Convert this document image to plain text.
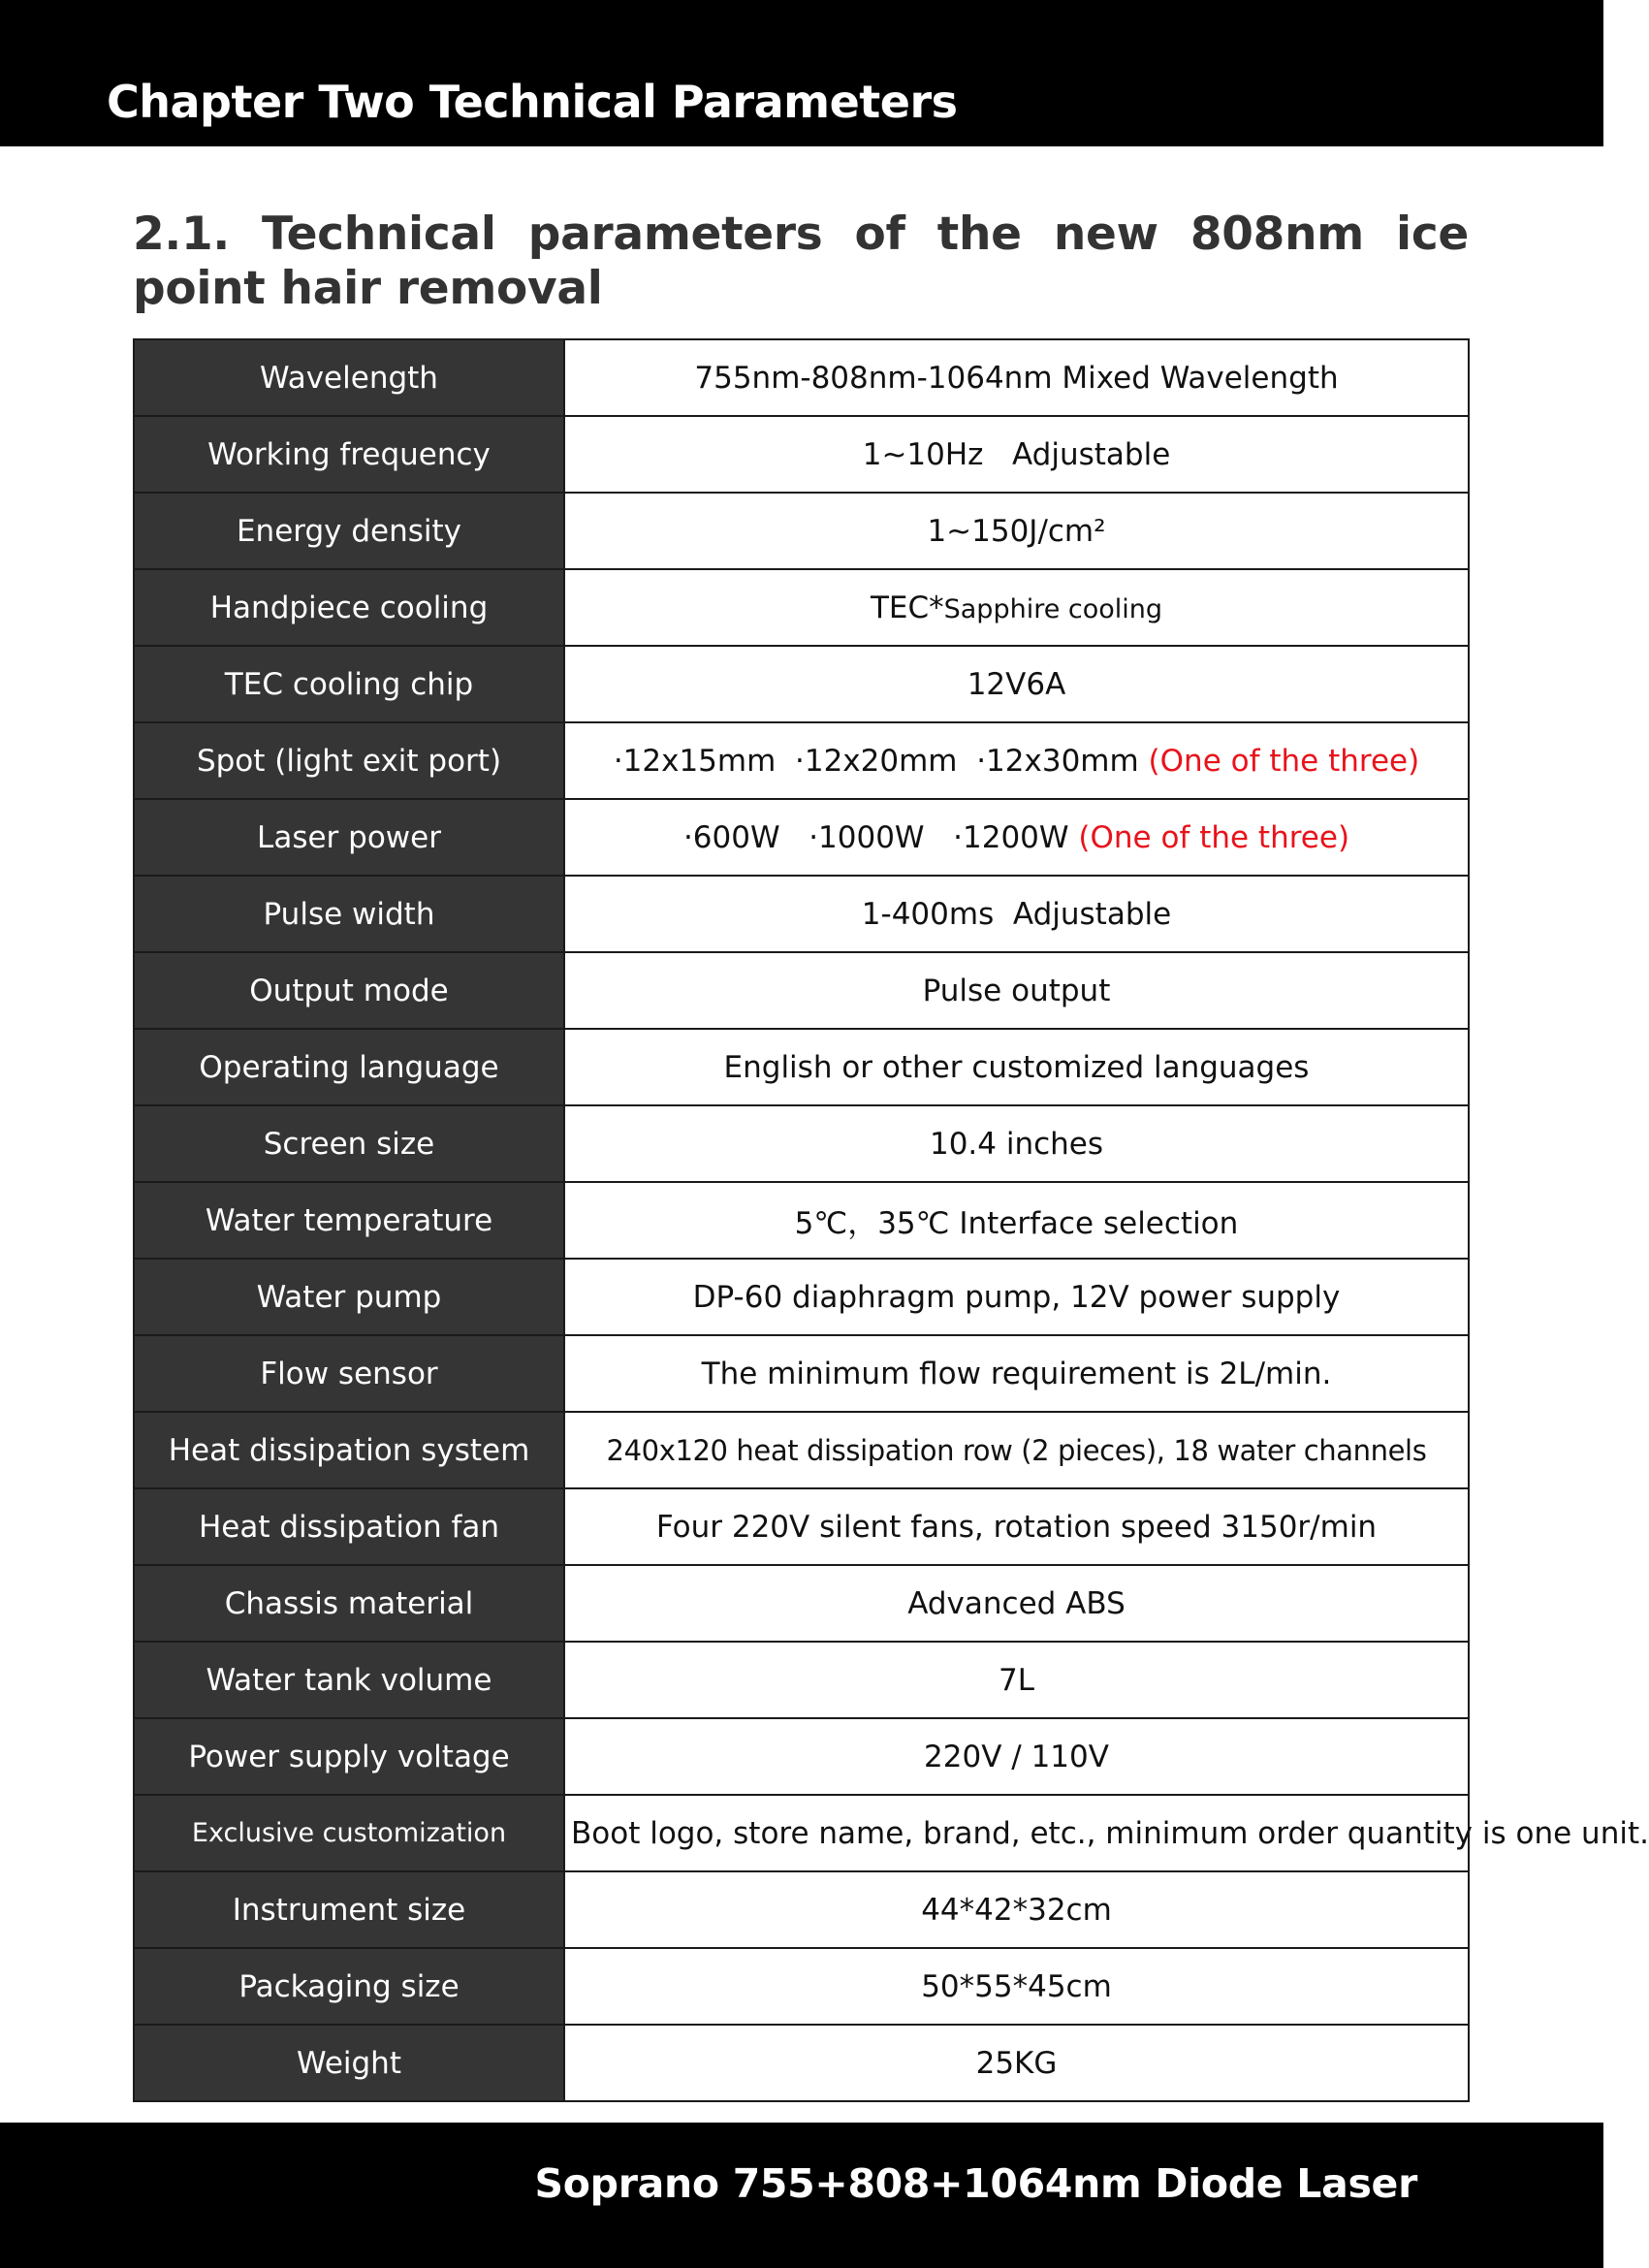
Chapter Two Technical Parameters
2.1. Technical parameters of the new 808nm ice point hair removal
Wavelength	755nm-808nm-1064nm Mixed Wavelength
Working frequency	1~10Hz   Adjustable
Energy density	1~150J/cm²
Handpiece cooling	TEC*Sapphire cooling
TEC cooling chip	12V6A
Spot (light exit port)	·12x15mm  ·12x20mm  ·12x30mm (One of the three)
Laser power	·600W   ·1000W   ·1200W (One of the three)
Pulse width	1-400ms  Adjustable
Output mode	Pulse output
Operating language	English or other customized languages
Screen size	10.4 inches
Water temperature	5℃，35℃ Interface selection
Water pump	DP-60 diaphragm pump, 12V power supply
Flow sensor	The minimum flow requirement is 2L/min.
Heat dissipation system	240x120 heat dissipation row (2 pieces), 18 water channels
Heat dissipation fan	Four 220V silent fans, rotation speed 3150r/min
Chassis material	Advanced ABS
Water tank volume	7L
Power supply voltage	220V / 110V
Exclusive customization	Boot logo, store name, brand, etc., minimum order quantity is one unit.
Instrument size	44*42*32cm
Packaging size	50*55*45cm
Weight	25KG
Soprano 755+808+1064nm Diode Laser
